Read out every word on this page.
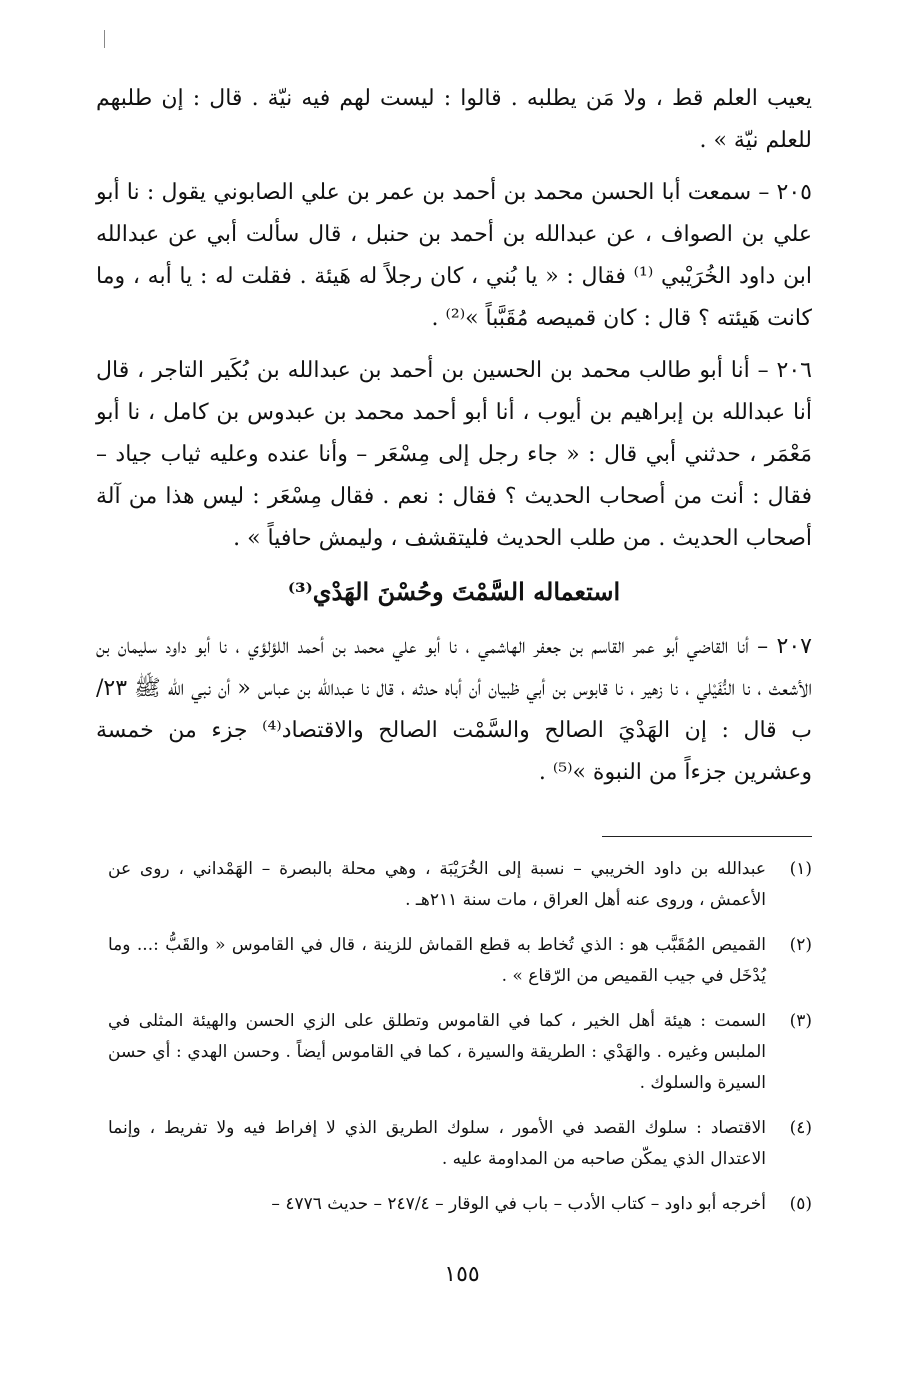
يعيب العلم قط ، ولا مَن يطلبه . قالوا : ليست لهم فيه نيّة . قال : إن طلبهم للعلم نيّة » .

٢٠٥ – سمعت أبا الحسن محمد بن أحمد بن عمر بن علي الصابوني يقول : نا أبو علي بن الصواف ، عن عبدالله بن أحمد بن حنبل ، قال سألت أبي عن عبدالله ابن داود الخُرَيْبي ⁽¹⁾ فقال : « يا بُني ، كان رجلاً له هَيئة . فقلت له : يا أبه ، وما كانت هَيئته ؟ قال : كان قميصه مُقَبَّباً »⁽²⁾ .

٢٠٦ – أنا أبو طالب محمد بن الحسين بن أحمد بن عبدالله بن بُكَير التاجر ، قال أنا عبدالله بن إبراهيم بن أيوب ، أنا أبو أحمد محمد بن عبدوس بن كامل ، نا أبو مَعْمَر ، حدثني أبي قال : « جاء رجل إلى مِسْعَر – وأنا عنده وعليه ثياب جياد – فقال : أنت من أصحاب الحديث ؟ فقال : نعم . فقال مِسْعَر : ليس هذا من آلة أصحاب الحديث . من طلب الحديث فليتقشف ، وليمش حافياً » .

استعماله السَّمْتَ وحُسْنَ الهَدْي⁽³⁾

٢٠٧ – أنا القاضي أبو عمر القاسم بن جعفر الهاشمي ، نا أبو علي محمد بن أحمد اللؤلؤي ، نا أبو داود سليمان بن الأشعث ، نا النُّفَيْلي ، نا زهير ، نا قابوس بن أبي ظبيان أن أباه حدثه ، قال نا عبدالله بن عباس « أن نبي الله ﷺ ٢٣/ ب قال : إن الهَدْيَ الصالح والسَّمْت الصالح والاقتصاد⁽⁴⁾ جزء من خمسة وعشرين جزءاً من النبوة »⁽⁵⁾ .

(١)
عبدالله بن داود الخريبي – نسبة إلى الخُرَيْبَة ، وهي محلة بالبصرة – الهَمْداني ، روى عن الأعمش ، وروى عنه أهل العراق ، مات سنة ٢١١هـ .
(٢)
القميص المُقَبَّب هو : الذي تُخاط به قطع القماش للزينة ، قال في القاموس « والقَبُّ :... وما يُدْخَل في جيب القميص من الرّقاع » .
(٣)
السمت : هيئة أهل الخير ، كما في القاموس وتطلق على الزي الحسن والهيئة المثلى في الملبس وغيره . والهَدْي : الطريقة والسيرة ، كما في القاموس أيضاً . وحسن الهدي : أي حسن السيرة والسلوك .
(٤)
الاقتصاد : سلوك القصد في الأمور ، سلوك الطريق الذي لا إفراط فيه ولا تفريط ، وإنما الاعتدال الذي يمكّن صاحبه من المداومة عليه .
(٥)
أخرجه أبو داود – كتاب الأدب – باب في الوقار – ٢٤٧/٤ – حديث ٤٧٧٦ –
١٥٥
